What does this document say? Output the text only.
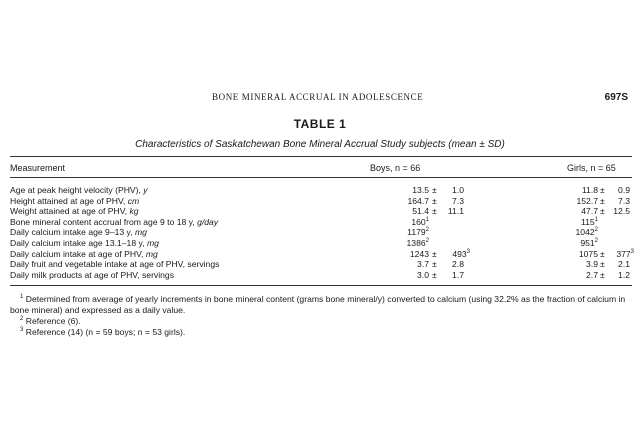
BONE MINERAL ACCRUAL IN ADOLESCENCE	697S
TABLE 1
Characteristics of Saskatchewan Bone Mineral Accrual Study subjects (mean ± SD)
Measurement	Boys, n = 66	Girls, n = 65
Age at peak height velocity (PHV), y	13.5 ± 1.0	11.8 ± 0.9
Height attained at age of PHV, cm	164.7 ± 7.3	152.7 ± 7.3
Weight attained at age of PHV, kg	51.4 ± 11.1	47.7 ± 12.5
Bone mineral content accrual from age 9 to 18 y, g/day	$160^1$	$115^1$
Daily calcium intake age 9–13 y, mg	1179$^2$	1042$^2$
Daily calcium intake age 13.1–18 y, mg	1386$^2$	$951^2$
Daily calcium intake at age of PHV, mg	$1243 \pm 493^3$	$1075 \pm 377^3$
Daily fruit and vegetable intake at age of PHV, servings	3.7 ± 2.8	3.9 ± 2.1
Daily milk products at age of PHV, servings	3.0 ± 1.7	2.7 ± 1.2

$^1$ Determined from average of yearly increments in bone mineral content (grams bone mineral/y) converted to calcium (using 32.2% as the fraction of calcium in bone mineral) and expressed as a daily value.

$^2$ Reference (6).

$^3$ Reference (14) (n = 59 boys; n = 53 girls).
